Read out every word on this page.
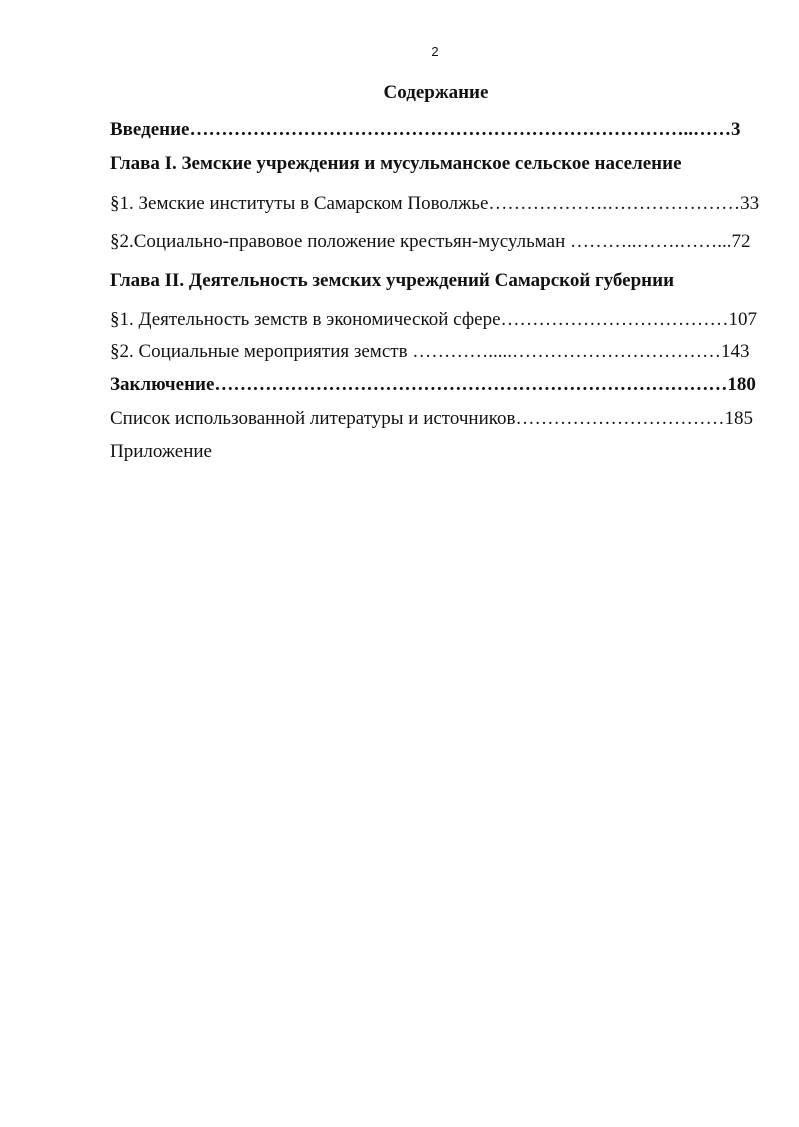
2
Содержание
Введение……………………………………………………………………..……3
Глава I. Земские учреждения и мусульманское сельское население
§1. Земские институты в Самарском Поволжье……………….…………………33
§2.Социально-правовое положение крестьян-мусульман ………..…….……...72
Глава II. Деятельность земских учреждений Самарской губернии
§1. Деятельность земств в экономической сфере………………………………107
§2. Социальные мероприятия земств ………….....……………………………143
Заключение………………………………………………………………………180
Список использованной литературы и источников……………………………185
Приложение
